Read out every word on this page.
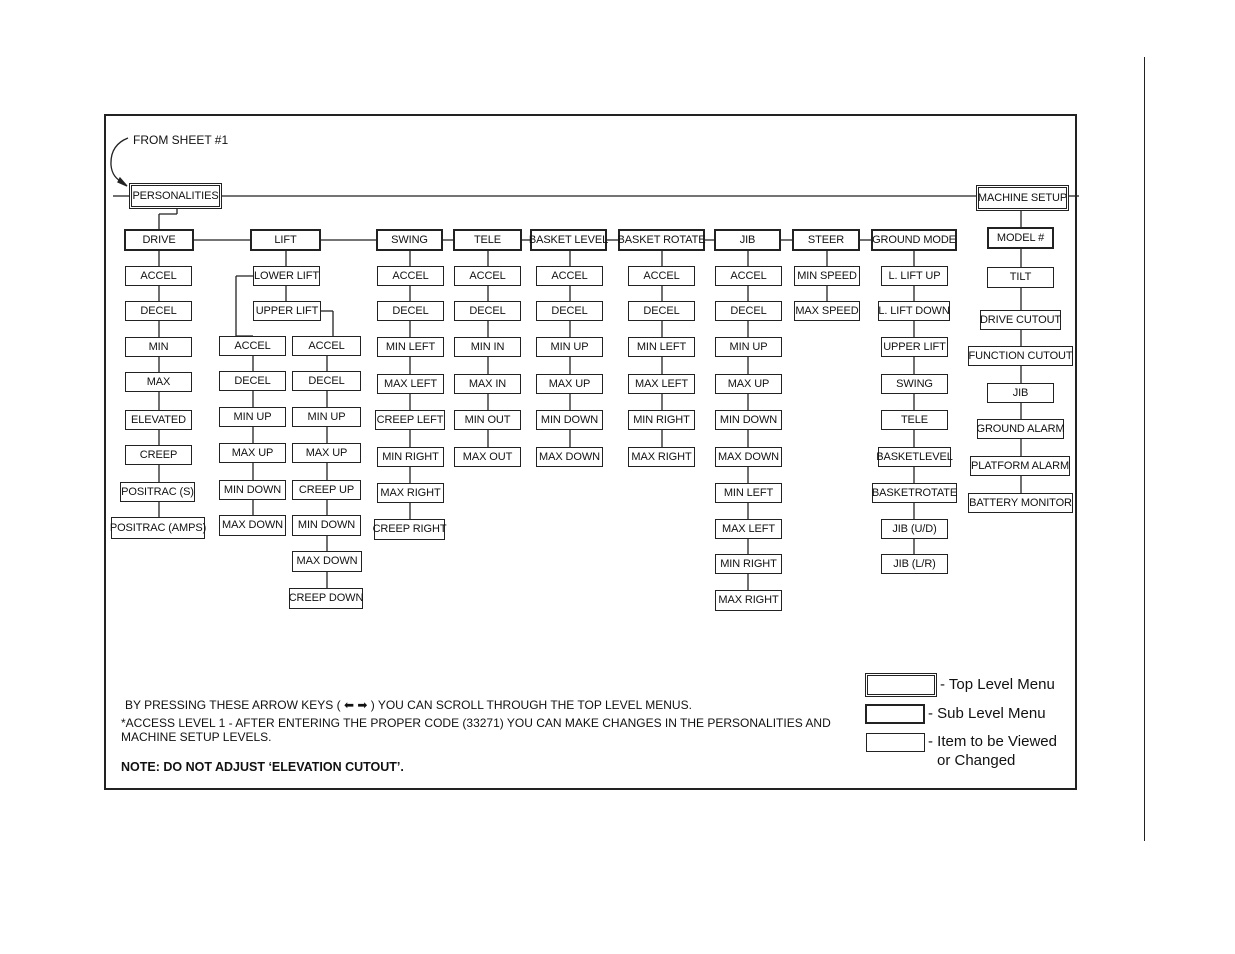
FROM SHEET #1
PERSONALITIES	MACHINE SETUP
DRIVE	LIFT	SWING	TELE	BASKET LEVEL BASKET ROTATE	JIB	STEER	GROUND MODE	MODEL #
LOWER LIFT
UPPER LIFT
ACCEL
DECEL
MIN
MAX
ELEVATED
CREEP
POSITRAC (S)
POSITRAC (AMPS)
ACCEL
DECEL
MIN UP
MAX UP
MIN DOWN
MAX DOWN
ACCEL
DECEL
MIN UP
MAX UP
CREEP UP
MIN DOWN
MAX DOWN
CREEP DOWN
ACCEL
DECEL
MIN LEFT
MAX LEFT
CREEP LEFT
MIN RIGHT
MAX RIGHT
CREEP RIGHT
ACCEL
DECEL
MIN IN
MAX IN
MIN OUT
MAX OUT
ACCEL
DECEL
MIN UP
MAX UP
MIN DOWN
MAX DOWN
ACCEL
DECEL
MIN LEFT
MAX LEFT
MIN RIGHT
MAX RIGHT
ACCEL
DECEL
MIN UP
MAX UP
MIN DOWN
MAX DOWN
MIN LEFT
MAX LEFT
MIN RIGHT
MAX RIGHT
MIN SPEED
MAX SPEED
L. LIFT UP
L. LIFT DOWN
UPPER LIFT
SWING
TELE
BASKETLEVEL
BASKETROTATE
JIB (U/D)
JIB (L/R)
TILT
DRIVE CUTOUT
FUNCTION CUTOUT
JIB
GROUND ALARM
PLATFORM ALARM
BATTERY MONITOR
BY PRESSING THESE ARROW KEYS ( ⬅ ➡ ) YOU CAN SCROLL THROUGH THE TOP LEVEL MENUS.
*ACCESS LEVEL 1 - AFTER ENTERING THE PROPER CODE (33271) YOU CAN MAKE CHANGES IN THE PERSONALITIES AND
MACHINE SETUP LEVELS.
NOTE: DO NOT ADJUST ‘ELEVATION CUTOUT’.
- Top Level Menu
- Sub Level Menu
- Item to be Viewed
or Changed
